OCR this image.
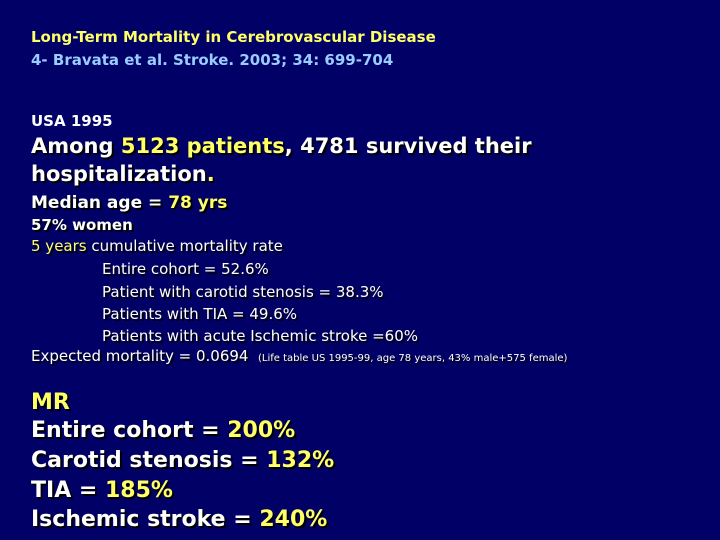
Long-Term Mortality in Cerebrovascular Disease
4- Bravata et al. Stroke. 2003; 34: 699-704
USA 1995
Among 5123 patients, 4781 survived their
hospitalization.
Median age = 78 yrs
57% women
5 years cumulative mortality rate
Entire cohort = 52.6%
Patient with carotid stenosis = 38.3%
Patients with TIA = 49.6%
Patients with acute Ischemic stroke =60%
Expected mortality = 0.0694 (Life table US 1995-99, age 78 years, 43% male+575 female)
MR
Entire cohort = 200%
Carotid stenosis = 132%
TIA = 185%
Ischemic stroke = 240%
